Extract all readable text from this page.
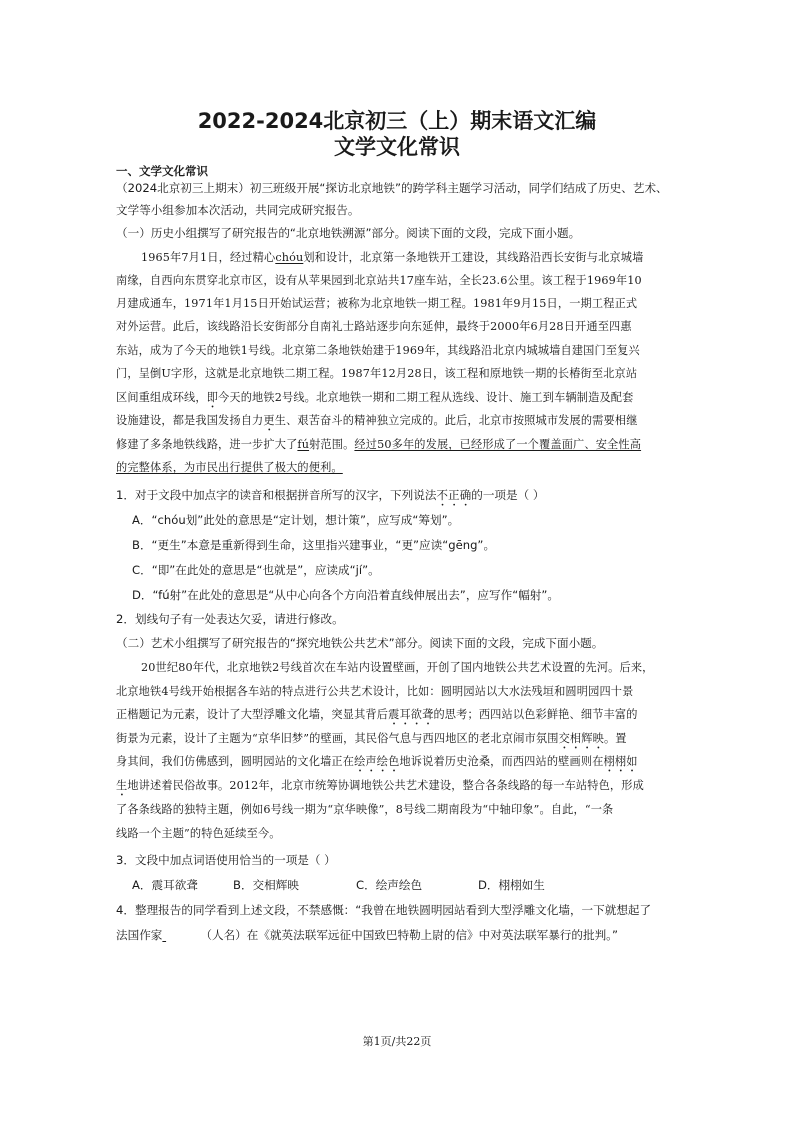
2022-2024北京初三（上）期末语文汇编
文学文化常识
一、文学文化常识
（2024北京初三上期末）初三班级开展“探访北京地铁”的跨学科主题学习活动，同学们结成了历史、艺术、
文学等小组参加本次活动，共同完成研究报告。
（一）历史小组撰写了研究报告的“北京地铁溯源”部分。阅读下面的文段，完成下面小题。
1965年7月1日，经过精心chóu划和设计，北京第一条地铁开工建设，其线路沿西长安街与北京城墙
南缘，自西向东贯穿北京市区，设有从苹果园到北京站共17座车站，全长23.6公里。该工程于1969年10
月建成通车，1971年1月15日开始试运营；被称为北京地铁一期工程。1981年9月15日，一期工程正式
对外运营。此后，该线路沿长安街部分自南礼士路站逐步向东延伸，最终于2000年6月28日开通至四惠
东站，成为了今天的地铁1号线。北京第二条地铁始建于1969年，其线路沿北京内城城墙自建国门至复兴
门，呈倒U字形，这就是北京地铁二期工程。1987年12月28日，该工程和原地铁一期的长椿街至北京站
区间重组成环线，即今天的地铁2号线。北京地铁一期和二期工程从选线、设计、施工到车辆制造及配套
设施建设，都是我国发扬自力更生、艰苦奋斗的精神独立完成的。此后，北京市按照城市发展的需要相继
修建了多条地铁线路，进一步扩大了fú射范围。经过50多年的发展，已经形成了一个覆盖面广、安全性高
的完整体系，为市民出行提供了极大的便利。
1．对于文段中加点字的读音和根据拼音所写的汉字，下列说法不正确的一项是（ ）
A．“chóu划”此处的意思是“定计划，想计策”，应写成“筹划”。
B．“更生”本意是重新得到生命，这里指兴建事业，“更”应读“gēng”。
C．“即”在此处的意思是“也就是”，应读成“jí”。
D．“fú射”在此处的意思是“从中心向各个方向沿着直线伸展出去”，应写作“幅射”。
2．划线句子有一处表达欠妥，请进行修改。
（二）艺术小组撰写了研究报告的“探究地铁公共艺术”部分。阅读下面的文段，完成下面小题。
20世纪80年代，北京地铁2号线首次在车站内设置壁画，开创了国内地铁公共艺术设置的先河。后来，
北京地铁4号线开始根据各车站的特点进行公共艺术设计，比如：圆明园站以大水法残垣和圆明园四十景
正楷题记为元素，设计了大型浮雕文化墙，突显其背后震耳欲聋的思考；西四站以色彩鲜艳、细节丰富的
街景为元素，设计了主题为“京华旧梦”的壁画，其民俗气息与西四地区的老北京闹市氛围交相辉映。置
身其间，我们仿佛感到，圆明园站的文化墙正在绘声绘色地诉说着历史沧桑，而西四站的壁画则在栩栩如
生地讲述着民俗故事。2012年，北京市统筹协调地铁公共艺术建设，整合各条线路的每一车站特色，形成
了各条线路的独特主题，例如6号线一期为“京华映像”，8号线二期南段为“中轴印象”。自此，“一条
线路一个主题”的特色延续至今。
3．文段中加点词语使用恰当的一项是（ ）
A．震耳欲聋	B．交相辉映	C．绘声绘色	D．栩栩如生
4．整理报告的同学看到上述文段，不禁感慨：“我曾在地铁圆明园站看到大型浮雕文化墙，一下就想起了
法国作家	（人名）在《就英法联军远征中国致巴特勒上尉的信》中对英法联军暴行的批判。”
第1页/共22页
